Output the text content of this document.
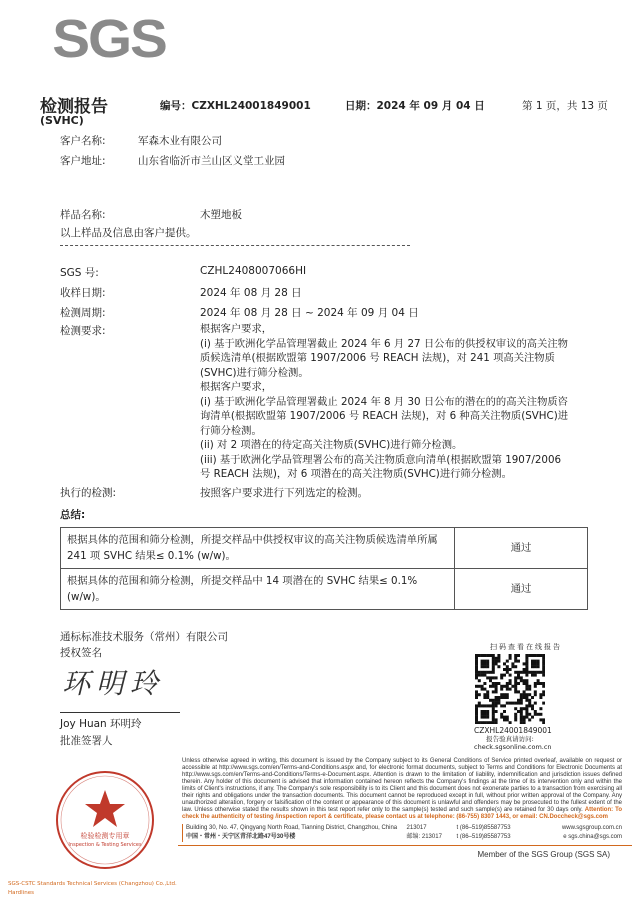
SGS
检测报告
(SVHC)
编号：CZXHL24001849001	日期：2024 年 09 月 04 日	第 1 页，共 13 页
客户名称:	军森木业有限公司
客户地址:	山东省临沂市兰山区义堂工业园
样品名称:	木塑地板
以上样品及信息由客户提供。
SGS 号:	CZHL2408007066HI
收样日期:	2024 年 08 月 28 日
检测周期:	2024 年 08 月 28 日 ~ 2024 年 09 月 04 日
检测要求:	根据客户要求，
(i) 基于欧洲化学品管理署截止 2024 年 6 月 27 日公布的供授权审议的高关注物
质候选清单(根据欧盟第 1907/2006 号 REACH 法规)，对 241 项高关注物质
(SVHC)进行筛分检测。
根据客户要求，
(i) 基于欧洲化学品管理署截止 2024 年 8 月 30 日公布的潜在的的高关注物质咨
询清单(根据欧盟第 1907/2006 号 REACH 法规)，对 6 种高关注物质(SVHC)进
行筛分检测。
(ii) 对 2 项潜在的待定高关注物质(SVHC)进行筛分检测。
(iii) 基于欧洲化学品管理署公布的高关注物质意向清单(根据欧盟第 1907/2006
号 REACH 法规)，对 6 项潜在的高关注物质(SVHC)进行筛分检测。
执行的检测:	按照客户要求进行下列选定的检测。
总结:
根据具体的范围和筛分检测，所提交样品中供授权审议的高关注物质候选清单所属 241 项 SVHC 结果≤ 0.1% (w/w)。	通过
根据具体的范围和筛分检测，所提交样品中 14 项潜在的 SVHC 结果≤ 0.1% (w/w)。	通过
通标标准技术服务（常州）有限公司
授权签名
环明玲
Joy Huan 环明玲
批准签署人
扫码查看在线报告
CZXHL24001849001
报告验真请访问:
check.sgsonline.com.cn
检验检测专用章
Inspection & Testing Services
SGS-CSTC Standards Technical Services (Changzhou) Co.,Ltd.
Hardlines
Unless otherwise agreed in writing, this document is issued by the Company subject to its General Conditions of Service printed overleaf, available on request or accessible at http://www.sgs.com/en/Terms-and-Conditions.aspx and, for electronic format documents, subject to Terms and Conditions for Electronic Documents at http://www.sgs.com/en/Terms-and-Conditions/Terms-e-Document.aspx. Attention is drawn to the limitation of liability, indemnification and jurisdiction issues defined therein. Any holder of this document is advised that information contained hereon reflects the Company's findings at the time of its intervention only and within the limits of Client's instructions, if any. The Company's sole responsibility is to its Client and this document does not exonerate parties to a transaction from exercising all their rights and obligations under the transaction documents. This document cannot be reproduced except in full, without prior written approval of the Company. Any unauthorized alteration, forgery or falsification of the content or appearance of this document is unlawful and offenders may be prosecuted to the fullest extent of the law. Unless otherwise stated the results shown in this test report refer only to the sample(s) tested and such sample(s) are retained for 30 days only. Attention: To check the authenticity of testing /inspection report & certificate, please contact us at telephone: (86-755) 8307 1443, or email: CN.Doccheck@sgs.com
Building 30, No. 47, Qingyang North Road, Tianning District, Changzhou, China	213017	t (86–519)85587753	www.sgsgroup.com.cn
中国・常州・天宁区青洋北路47号30号楼	邮编: 213017	t (86–519)85587753	e sgs.china@sgs.com
Member of the SGS Group (SGS SA)
